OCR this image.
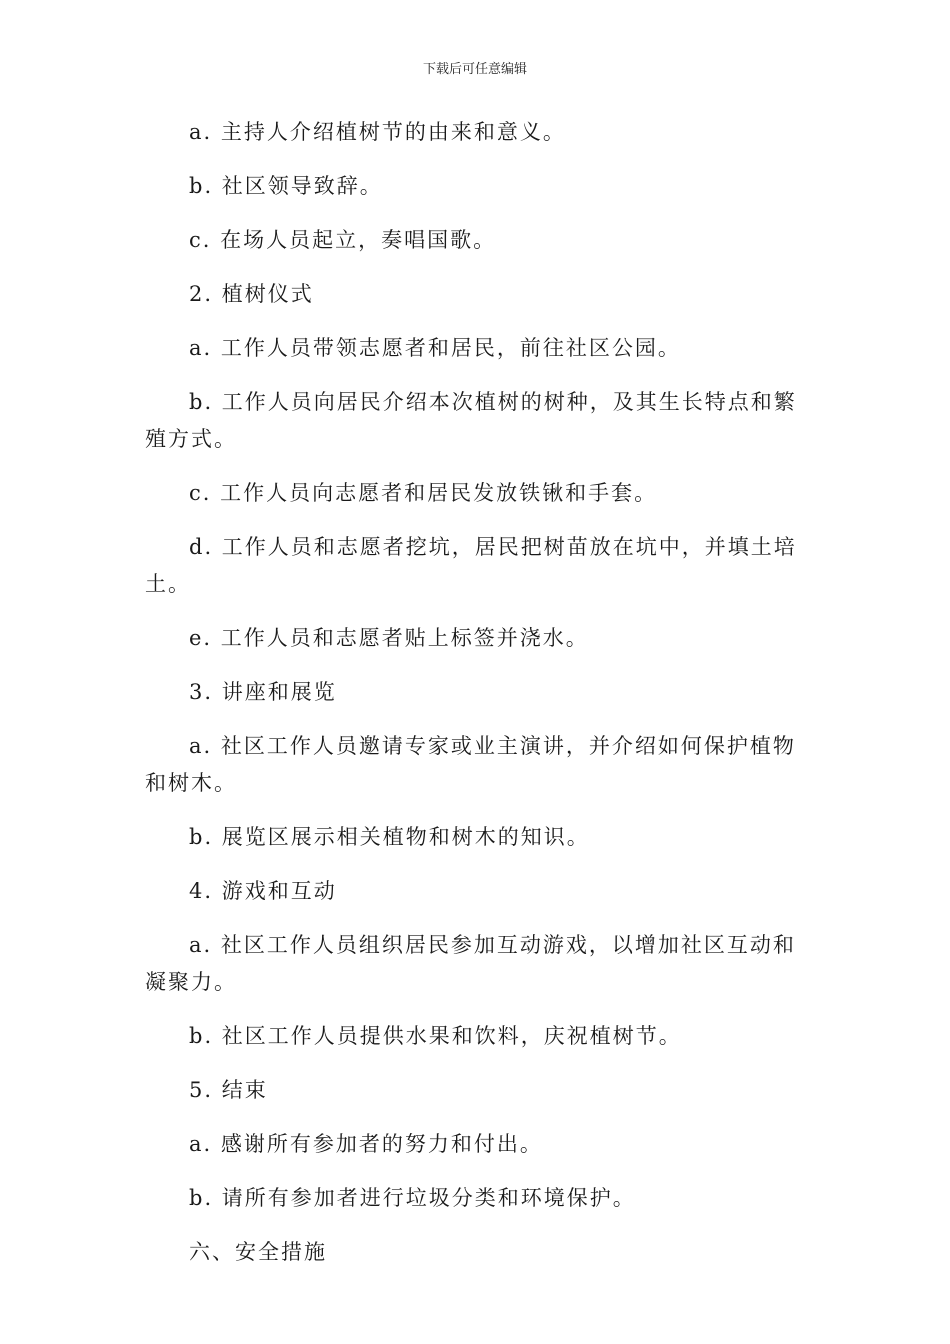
下载后可任意编辑

a. 主持人介绍植树节的由来和意义。

b. 社区领导致辞。

c. 在场人员起立，奏唱国歌。

2. 植树仪式

a. 工作人员带领志愿者和居民，前往社区公园。

b. 工作人员向居民介绍本次植树的树种，及其生长特点和繁殖方式。

c. 工作人员向志愿者和居民发放铁锹和手套。

d. 工作人员和志愿者挖坑，居民把树苗放在坑中，并填土培土。

e. 工作人员和志愿者贴上标签并浇水。

3. 讲座和展览

a. 社区工作人员邀请专家或业主演讲，并介绍如何保护植物和树木。

b. 展览区展示相关植物和树木的知识。

4. 游戏和互动

a. 社区工作人员组织居民参加互动游戏，以增加社区互动和凝聚力。

b. 社区工作人员提供水果和饮料，庆祝植树节。

5. 结束

a. 感谢所有参加者的努力和付出。

b. 请所有参加者进行垃圾分类和环境保护。

六、安全措施
